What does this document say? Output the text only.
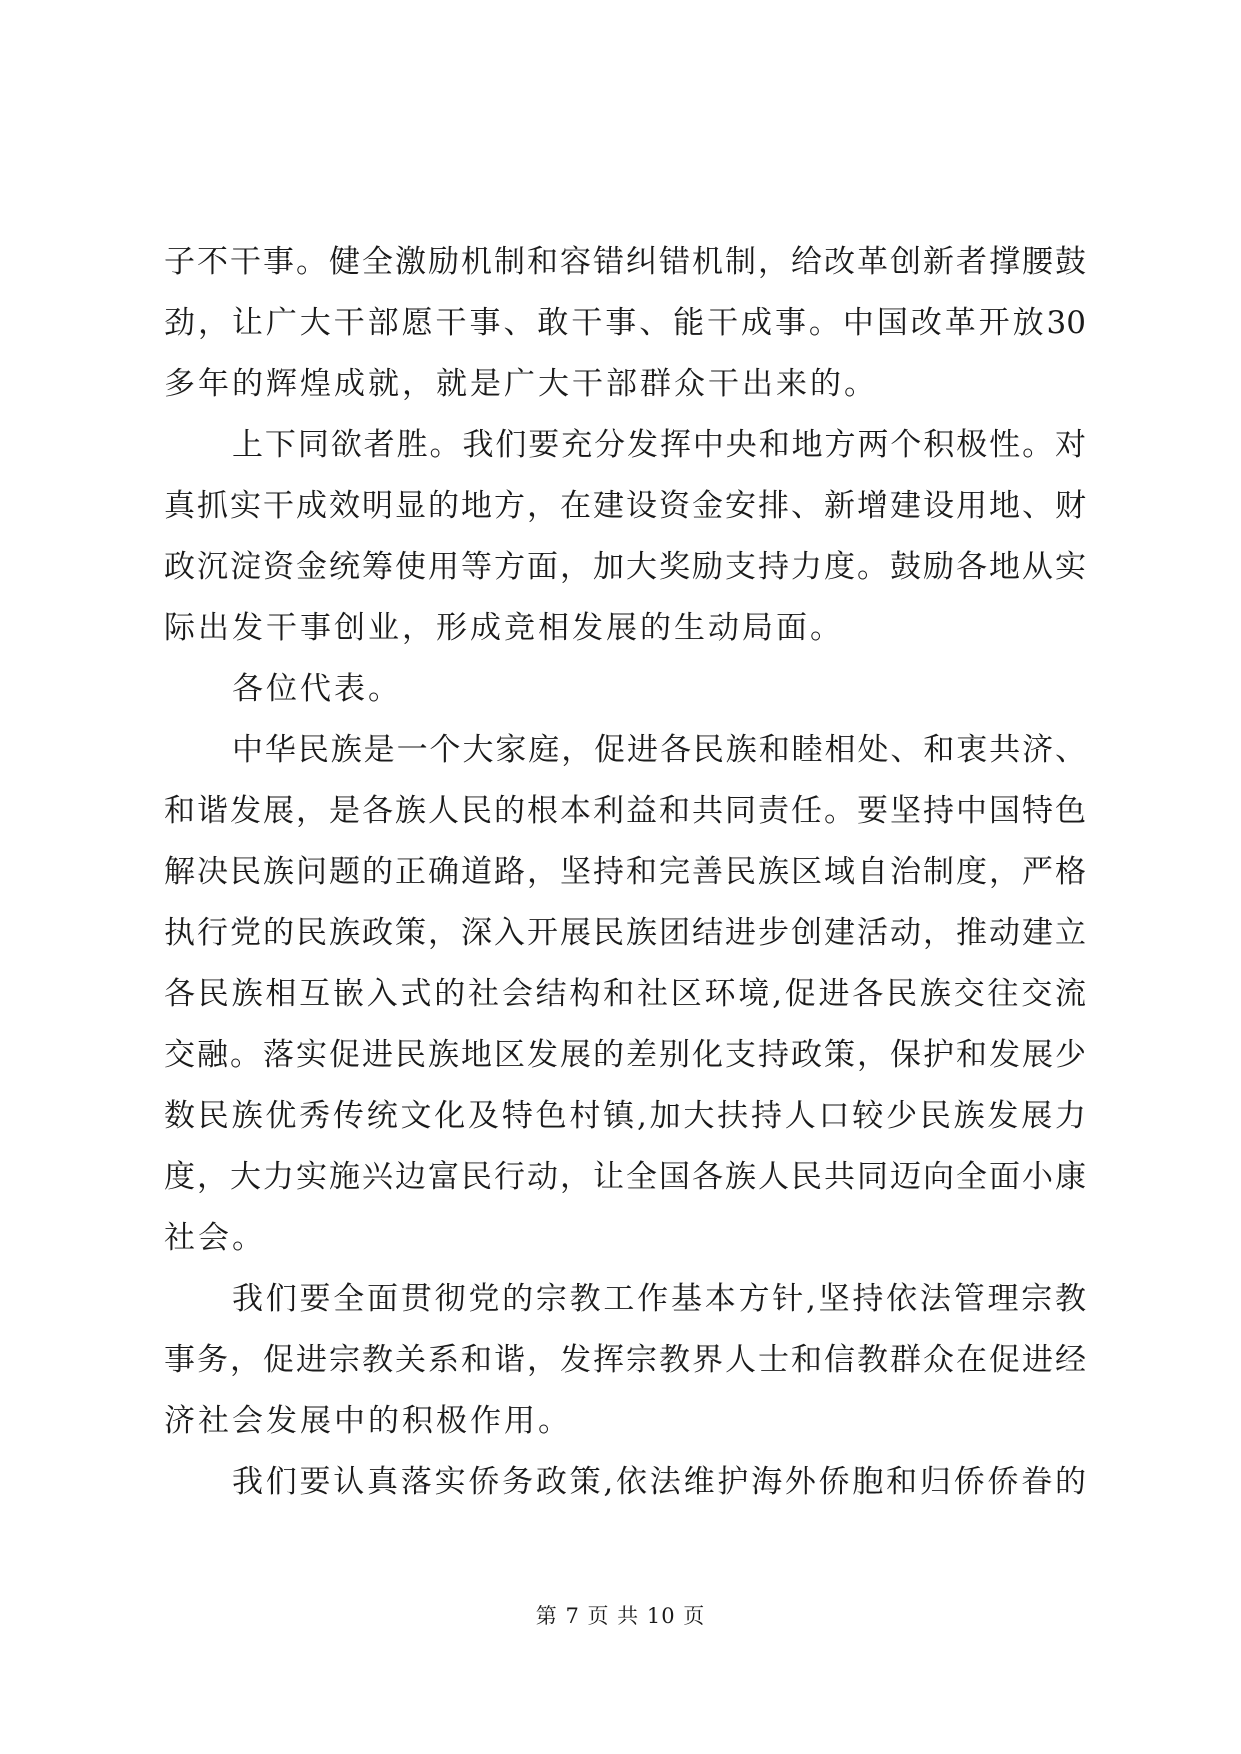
子不干事。健全激励机制和容错纠错机制，给改革创新者撑腰鼓
劲，让广大干部愿干事、敢干事、能干成事。中国改革开放30
多年的辉煌成就，就是广大干部群众干出来的。
上下同欲者胜。我们要充分发挥中央和地方两个积极性。对
真抓实干成效明显的地方，在建设资金安排、新增建设用地、财
政沉淀资金统筹使用等方面，加大奖励支持力度。鼓励各地从实
际出发干事创业，形成竞相发展的生动局面。
各位代表。
中华民族是一个大家庭，促进各民族和睦相处、和衷共济、
和谐发展，是各族人民的根本利益和共同责任。要坚持中国特色
解决民族问题的正确道路，坚持和完善民族区域自治制度，严格
执行党的民族政策，深入开展民族团结进步创建活动，推动建立
各民族相互嵌入式的社会结构和社区环境,促进各民族交往交流
交融。落实促进民族地区发展的差别化支持政策，保护和发展少
数民族优秀传统文化及特色村镇,加大扶持人口较少民族发展力
度，大力实施兴边富民行动，让全国各族人民共同迈向全面小康
社会。
我们要全面贯彻党的宗教工作基本方针,坚持依法管理宗教
事务，促进宗教关系和谐，发挥宗教界人士和信教群众在促进经
济社会发展中的积极作用。
我们要认真落实侨务政策,依法维护海外侨胞和归侨侨眷的
第 7 页 共 10 页
